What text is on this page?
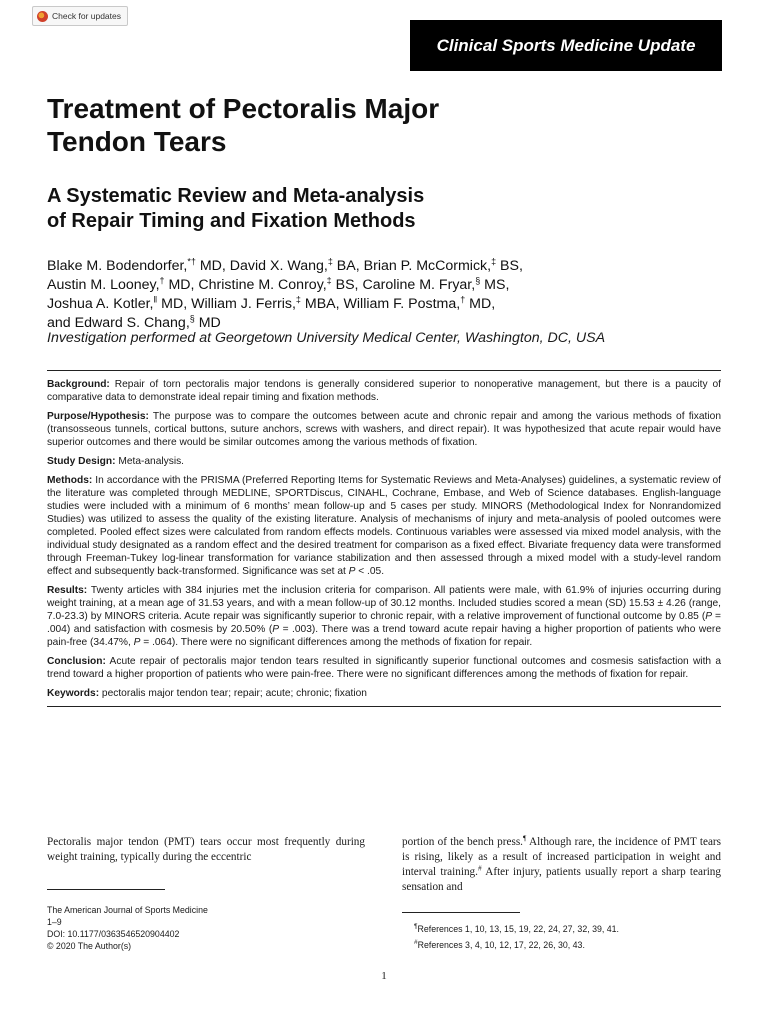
Check for updates
Clinical Sports Medicine Update
Treatment of Pectoralis Major
Tendon Tears
A Systematic Review and Meta-analysis
of Repair Timing and Fixation Methods
Blake M. Bodendorfer,*† MD, David X. Wang,‡ BA, Brian P. McCormick,‡ BS,
Austin M. Looney,† MD, Christine M. Conroy,‡ BS, Caroline M. Fryar,§ MS,
Joshua A. Kotler,‖ MD, William J. Ferris,‡ MBA, William F. Postma,† MD,
and Edward S. Chang,§ MD
Investigation performed at Georgetown University Medical Center, Washington, DC, USA

Background: Repair of torn pectoralis major tendons is generally considered superior to nonoperative management, but there is a paucity of comparative data to demonstrate ideal repair timing and fixation methods.

Purpose/Hypothesis: The purpose was to compare the outcomes between acute and chronic repair and among the various methods of fixation (transosseous tunnels, cortical buttons, suture anchors, screws with washers, and direct repair). It was hypothesized that acute repair would have superior outcomes and there would be similar outcomes among the various methods of fixation.

Study Design: Meta-analysis.

Methods: In accordance with the PRISMA (Preferred Reporting Items for Systematic Reviews and Meta-Analyses) guidelines, a systematic review of the literature was completed through MEDLINE, SPORTDiscus, CINAHL, Cochrane, Embase, and Web of Science databases. English-language studies were included with a minimum of 6 months’ mean follow-up and 5 cases per study. MINORS (Methodological Index for Nonrandomized Studies) was utilized to assess the quality of the existing literature. Analysis of mechanisms of injury and meta-analysis of pooled outcomes were completed. Pooled effect sizes were calculated from random effects models. Continuous variables were assessed via mixed model analysis, with the individual study designated as a random effect and the desired treatment for comparison as a fixed effect. Bivariate frequency data were transformed through Freeman-Tukey log-linear transformation for variance stabilization and then assessed through a mixed model with a study-level random effect and subsequently back-transformed. Significance was set at P < .05.

Results: Twenty articles with 384 injuries met the inclusion criteria for comparison. All patients were male, with 61.9% of injuries occurring during weight training, at a mean age of 31.53 years, and with a mean follow-up of 30.12 months. Included studies scored a mean (SD) 15.53 ± 4.26 (range, 7.0-23.3) by MINORS criteria. Acute repair was significantly superior to chronic repair, with a relative improvement of functional outcome by 0.85 (P = .004) and satisfaction with cosmesis by 20.50% (P = .003). There was a trend toward acute repair having a higher proportion of patients who were pain-free (34.47%, P = .064). There were no significant differences among the methods of fixation for repair.

Conclusion: Acute repair of pectoralis major tendon tears resulted in significantly superior functional outcomes and cosmesis satisfaction with a trend toward a higher proportion of patients who were pain-free. There were no significant differences among the methods of fixation for repair.

Keywords: pectoralis major tendon tear; repair; acute; chronic; fixation

Pectoralis major tendon (PMT) tears occur most frequently during weight training, typically during the eccentric
portion of the bench press.¶ Although rare, the incidence of PMT tears is rising, likely as a result of increased participation in weight and interval training.# After injury, patients usually report a sharp tearing sensation and
The American Journal of Sports Medicine
1–9
DOI: 10.1177/0363546520904402
© 2020 The Author(s)
¶References 1, 10, 13, 15, 19, 22, 24, 27, 32, 39, 41.
#References 3, 4, 10, 12, 17, 22, 26, 30, 43.
1
